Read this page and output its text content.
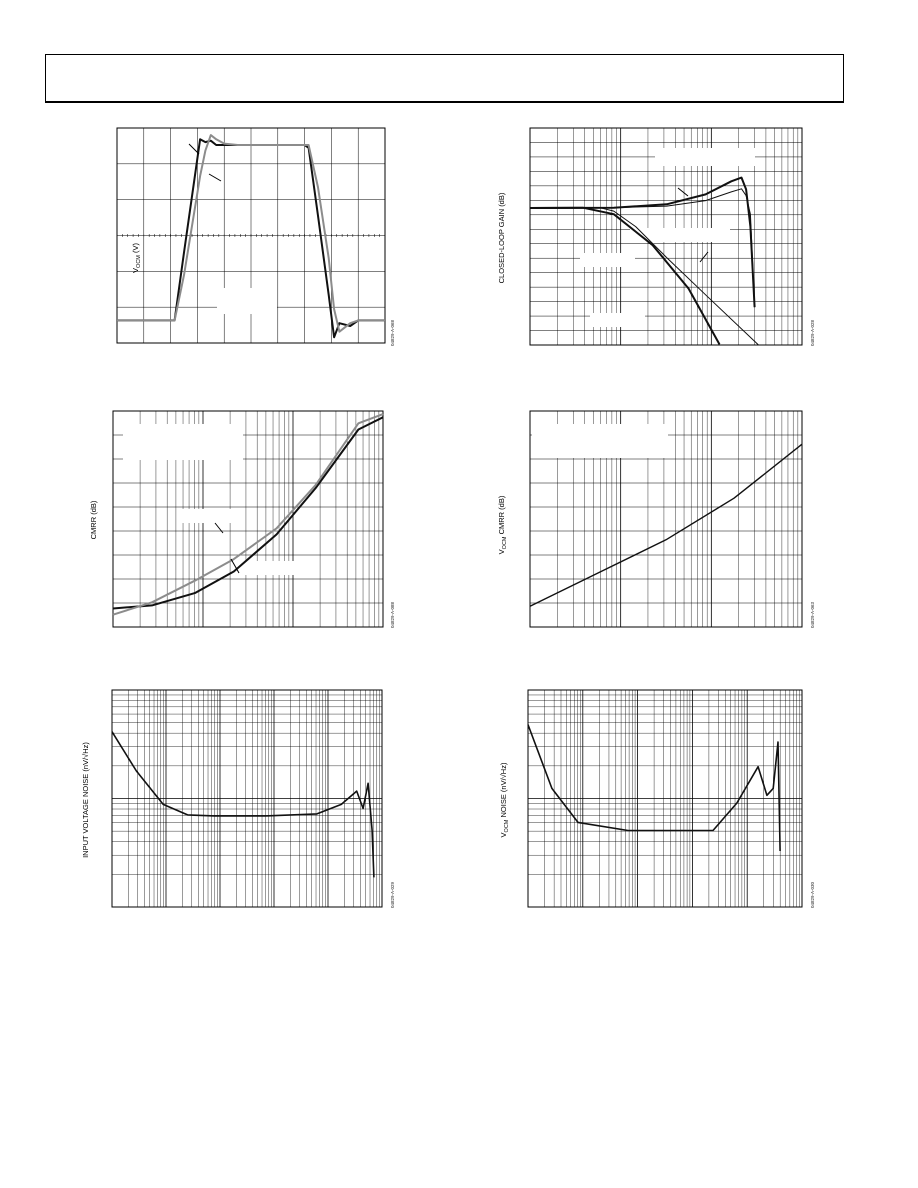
$V_{OCM}$ (V)
04829-A-068
CLOSED-LOOP GAIN (dB)
04829-A-028
CMRR (dB)
04829-A-088
$V_{OCM}$ CMRR (dB)
04829-A-063
INPUT VOLTAGE NOISE (nV/√Hz)
04829-A-029
$V_{OCM}$ NOISE (nV/√Hz)
04829-A-030
